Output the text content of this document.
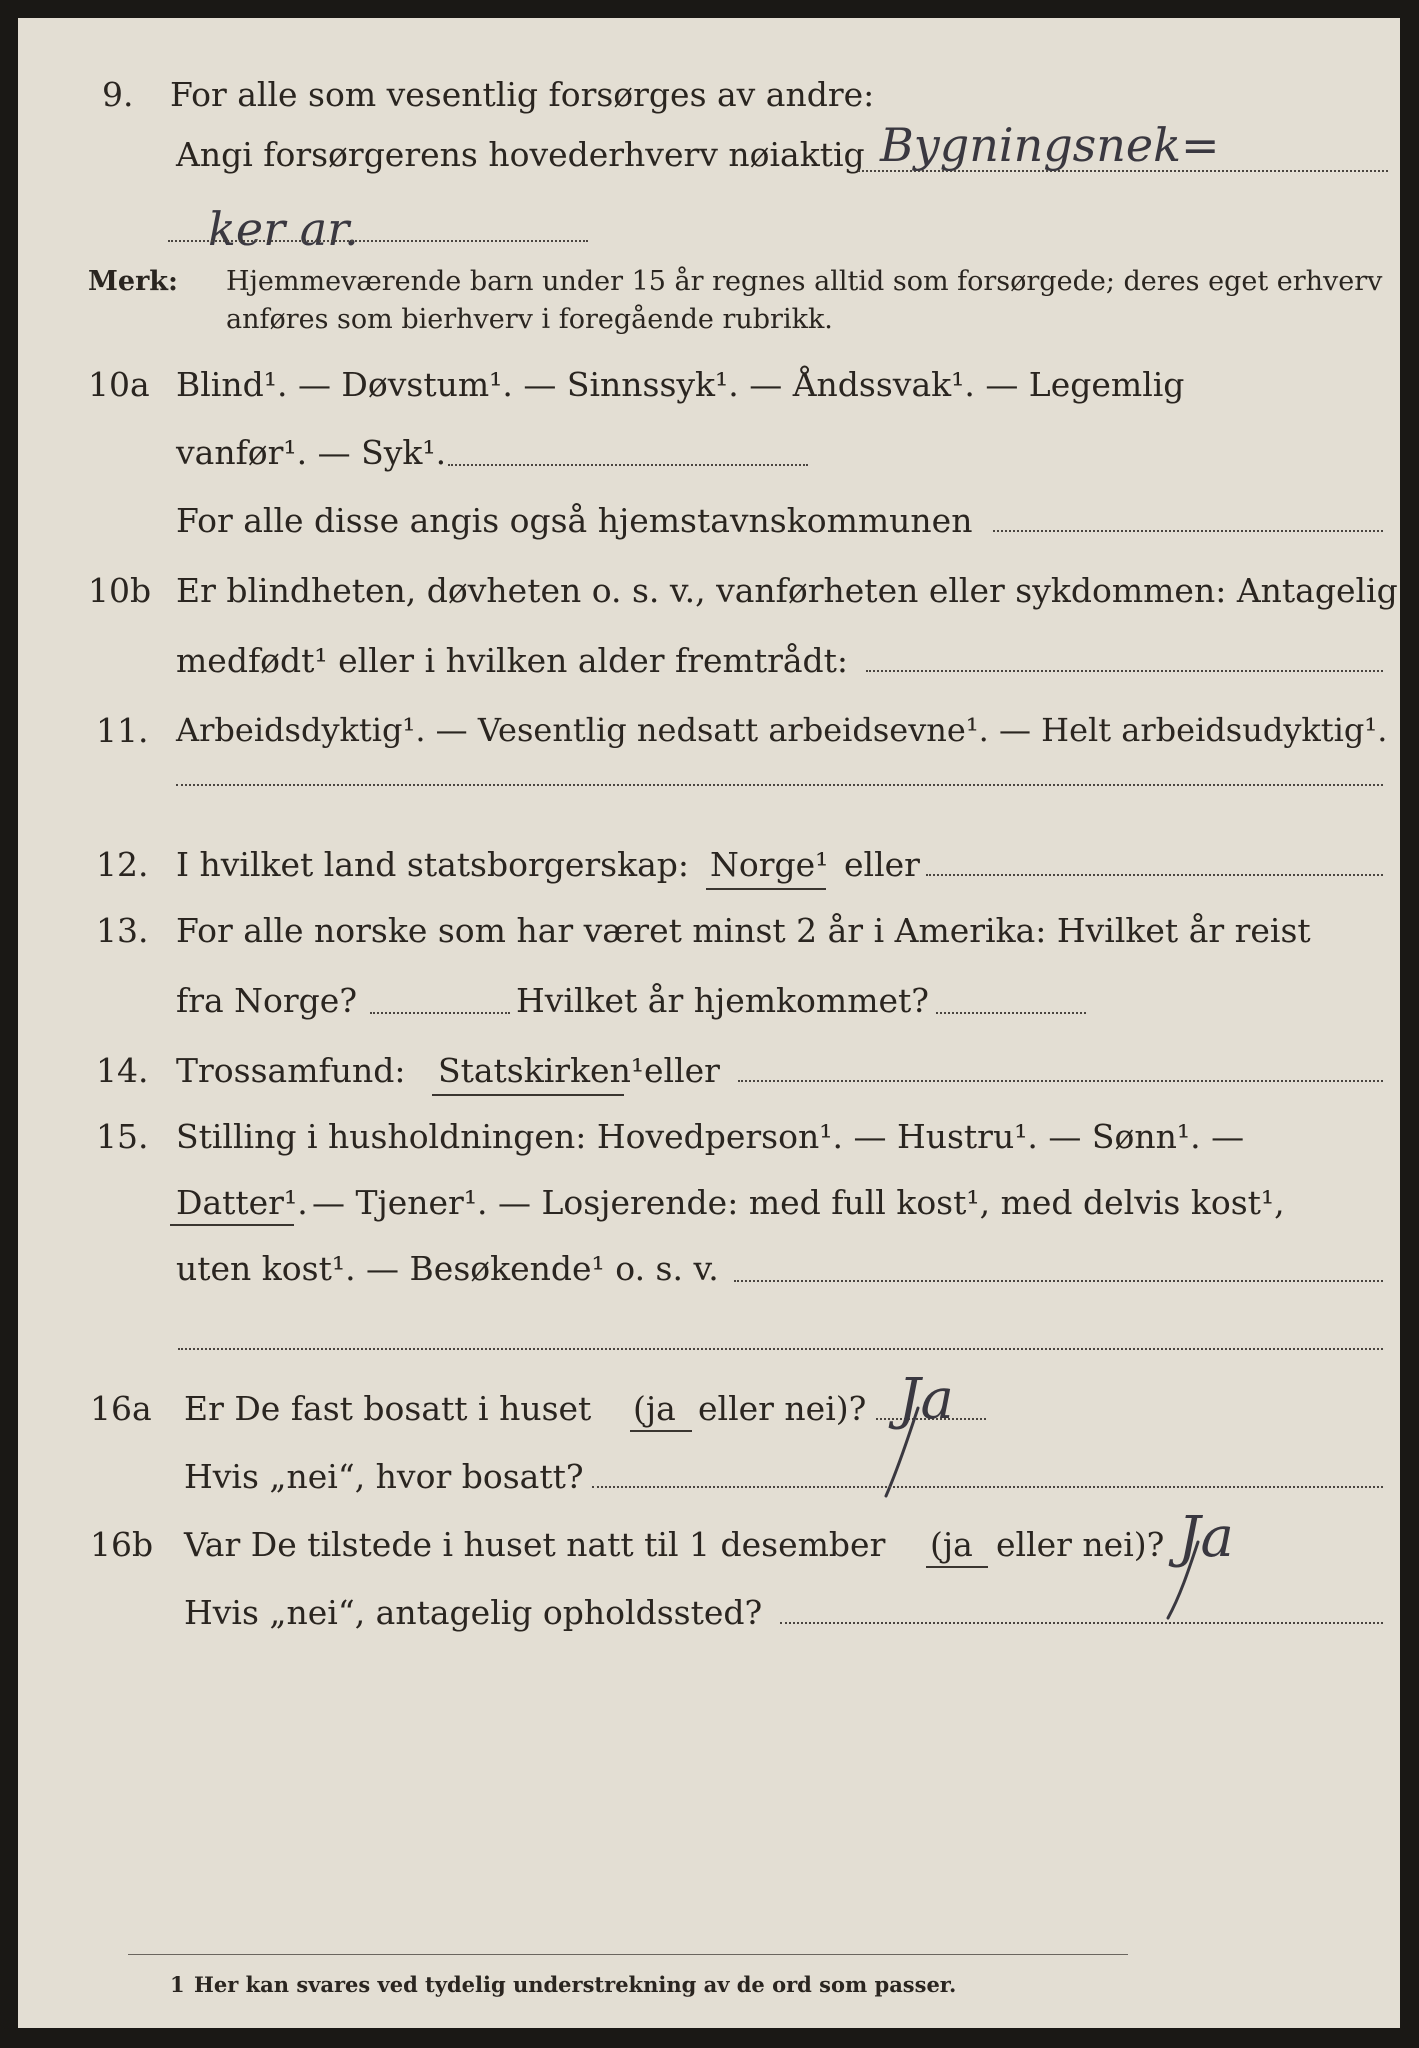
9. For alle som vesentlig forsørges av andre:
Angi forsørgerens hovederhverv nøiaktig Bygningsnek=
ker ar.
Merk: Hjemmeværende barn under 15 år regnes alltid som forsørgede; deres eget erhverv
anføres som bierhverv i foregående rubrikk.
10a Blind¹. — Døvstum¹. — Sinnssyk¹. — Åndssvak¹. — Legemlig
vanfør¹. — Syk¹.
For alle disse angis også hjemstavnskommunen
10b Er blindheten, døvheten o. s. v., vanførheten eller sykdommen: Antagelig
medfødt¹ eller i hvilken alder fremtrådt:
11. Arbeidsdyktig¹. — Vesentlig nedsatt arbeidsevne¹. — Helt arbeidsudyktig¹.
12. I hvilket land statsborgerskap: Norge¹ eller
13. For alle norske som har været minst 2 år i Amerika: Hvilket år reist
fra Norge?	Hvilket år hjemkommet?
14. Trossamfund: Statskirken¹ eller
15. Stilling i husholdningen: Hovedperson¹. — Hustru¹. — Sønn¹. —
Datter¹. — Tjener¹. — Losjerende: med full kost¹, med delvis kost¹,
uten kost¹. — Besøkende¹ o. s. v.
16a Er De fast bosatt i huset (ja eller nei)? Ja
Hvis „nei“, hvor bosatt?
16b Var De tilstede i huset natt til 1 desember (ja eller nei)? Ja
Hvis „nei“, antagelig opholdssted?
1 Her kan svares ved tydelig understrekning av de ord som passer.
